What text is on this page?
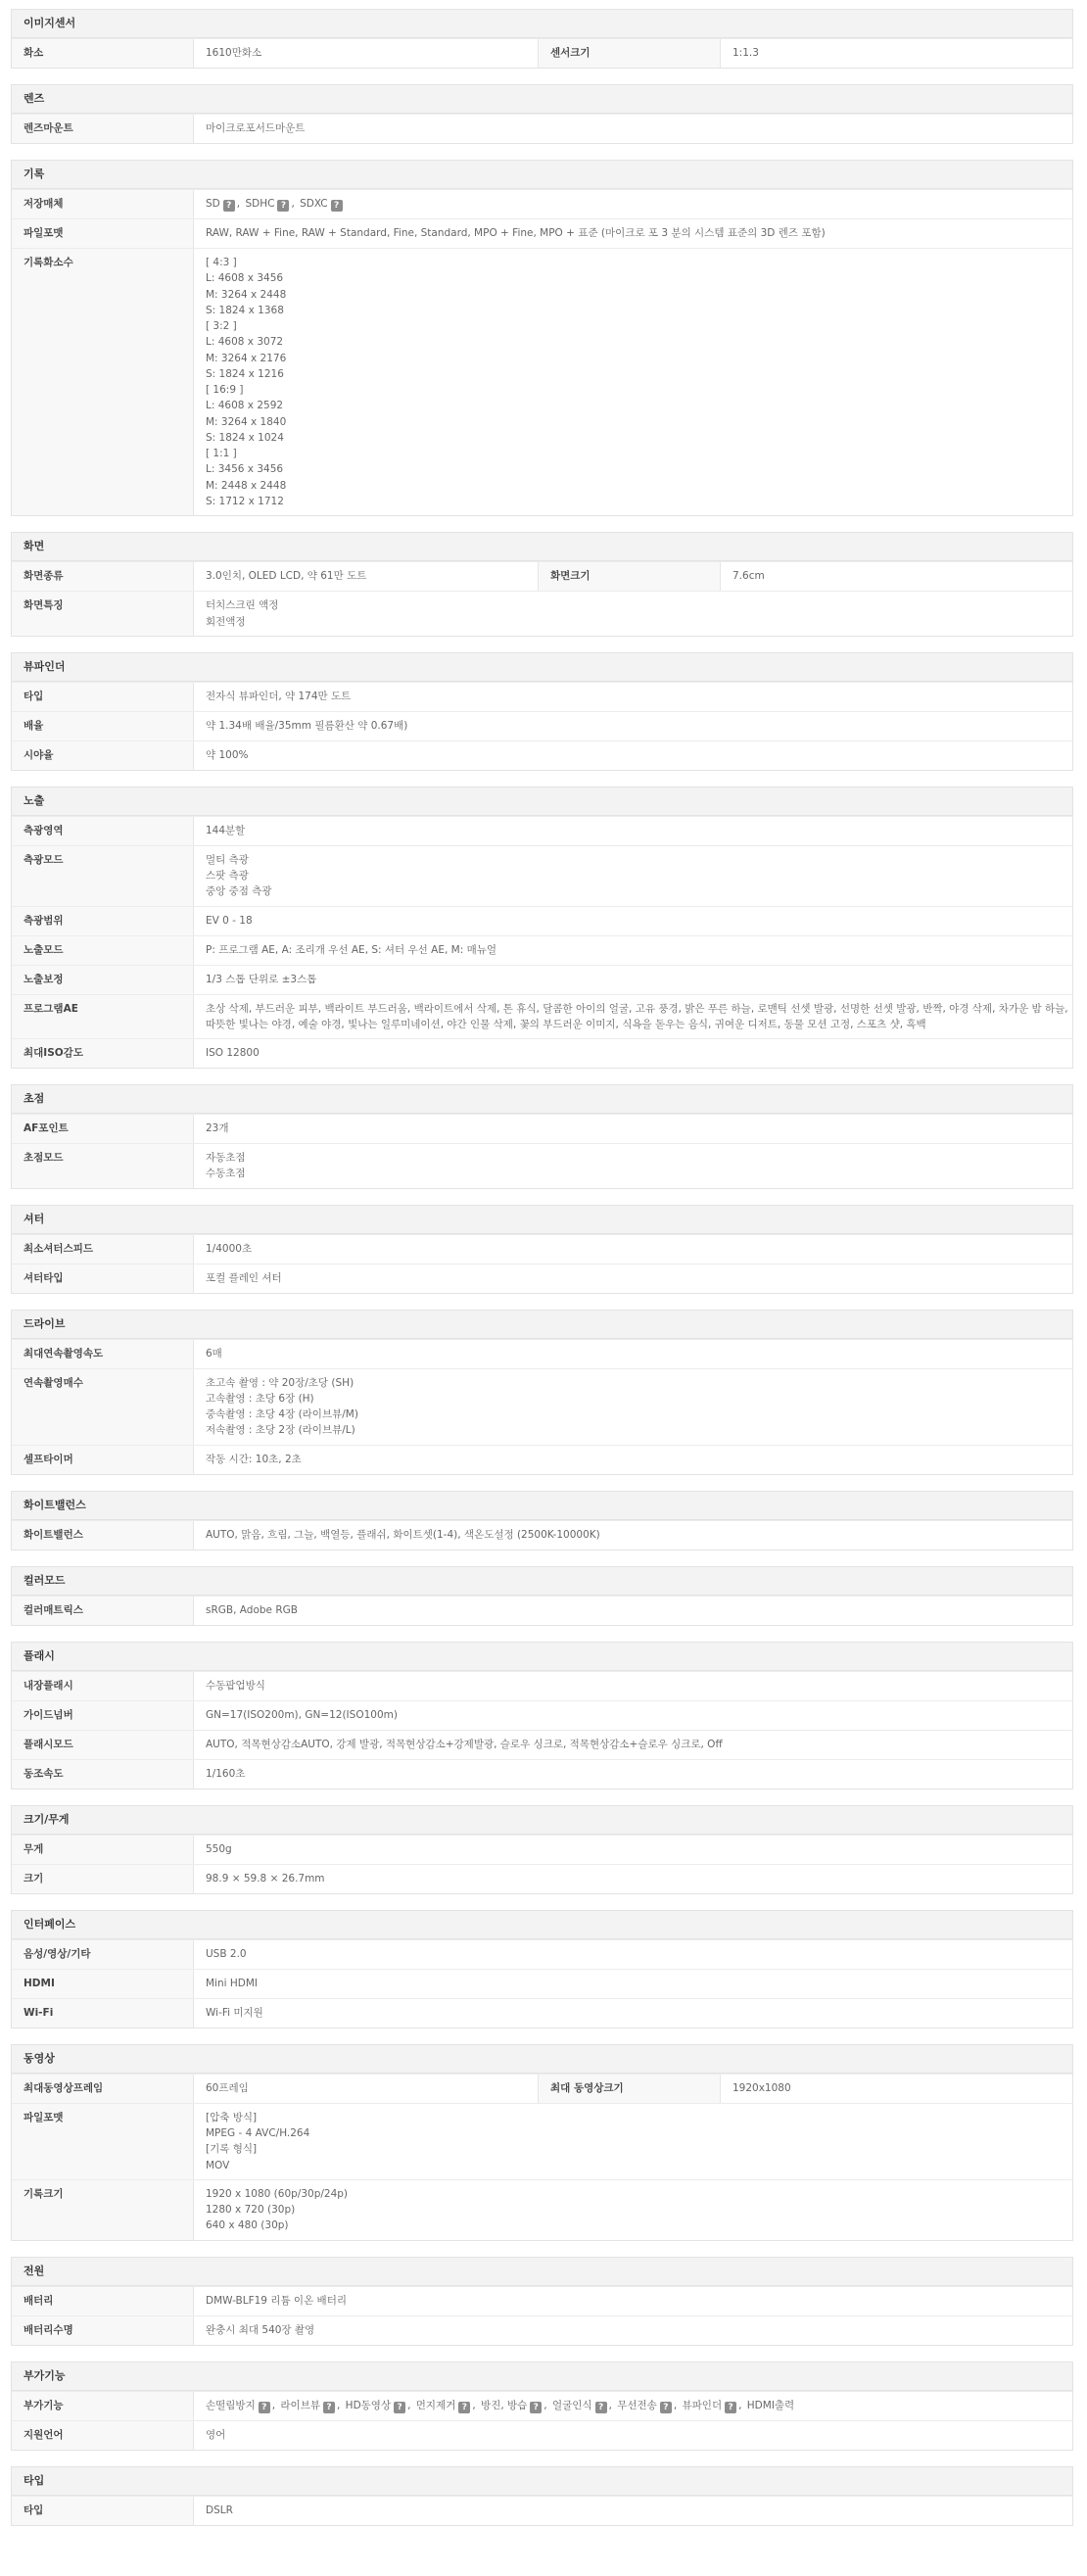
이미지센서
화소	1610만화소	센서크기	1:1.3
렌즈
렌즈마운트	마이크로포서드마운트
기록
저장매체	SD ? , SDHC ? , SDXC ?
파일포맷	RAW, RAW + Fine, RAW + Standard, Fine, Standard, MPO + Fine, MPO + 표준 (마이크로 포 3 분의 시스템 표준의 3D 렌즈 포함)
기록화소수	[ 4:3 ]
L: 4608 x 3456
M: 3264 x 2448
S: 1824 x 1368
[ 3:2 ]
L: 4608 x 3072
M: 3264 x 2176
S: 1824 x 1216
[ 16:9 ]
L: 4608 x 2592
M: 3264 x 1840
S: 1824 x 1024
[ 1:1 ]
L: 3456 x 3456
M: 2448 x 2448
S: 1712 x 1712
화면
화면종류	3.0인치, OLED LCD, 약 61만 도트	화면크기	7.6cm
화면특징	터치스크린 액정
회전액정
뷰파인더
타입	전자식 뷰파인더, 약 174만 도트
배율	약 1.34배 배율/35mm 필름환산 약 0.67배)
시야율	약 100%
노출
측광영역	144분할
측광모드	멀티 측광
스팟 측광
중앙 중점 측광
측광범위	EV 0 - 18
노출모드	P: 프로그램 AE, A: 조리개 우선 AE, S: 셔터 우선 AE, M: 매뉴얼
노출보정	1/3 스톱 단위로 ±3스톱
프로그램AE	초상 삭제, 부드러운 피부, 백라이트 부드러움, 백라이트에서 삭제, 톤 휴식, 달콤한 아이의 얼굴, 고유 풍경, 밝은 푸른 하늘, 로맨틱 선셋 발광, 선명한 선셋 발광, 반짝, 야경 삭제, 차가운 밤 하늘, 따뜻한 빛나는 야경, 예술 야경, 빛나는 일루미네이션, 야간 인물 삭제, 꽃의 부드러운 이미지, 식욕을 돋우는 음식, 귀여운 디저트, 동물 모션 고정, 스포츠 샷, 흑백
최대ISO감도	ISO 12800
초점
AF포인트	23개
초점모드	자동초점
수동초점
셔터
최소셔터스피드	1/4000초
셔터타입	포컬 플레인 셔터
드라이브
최대연속촬영속도	6매
연속촬영매수	초고속 촬영 : 약 20장/초당 (SH)
고속촬영 : 초당 6장 (H)
중속촬영 : 초당 4장 (라이브뷰/M)
저속촬영 : 초당 2장 (라이브뷰/L)
셀프타이머	작동 시간: 10초, 2초
화이트밸런스
화이트밸런스	AUTO, 맑음, 흐림, 그늘, 백열등, 플래쉬, 화이트셋(1-4), 색온도설정 (2500K-10000K)
컬러모드
컬러매트릭스	sRGB, Adobe RGB
플래시
내장플래시	수동팝업방식
가이드넘버	GN=17(ISO200m), GN=12(ISO100m)
플래시모드	AUTO, 적목현상감소AUTO, 강제 발광, 적목현상감소+강제발광, 슬로우 싱크로, 적목현상감소+슬로우 싱크로, Off
동조속도	1/160초
크기/무게
무게	550g
크기	98.9 × 59.8 × 26.7mm
인터페이스
음성/영상/기타	USB 2.0
HDMI	Mini HDMI
Wi-Fi	Wi-Fi 미지원
동영상
최대동영상프레임	60프레임	최대 동영상크기	1920x1080
파일포맷	[압축 방식]
MPEG - 4 AVC/H.264
[기록 형식]
MOV
기록크기	1920 x 1080 (60p/30p/24p)
1280 x 720 (30p)
640 x 480 (30p)
전원
배터리	DMW-BLF19 리튬 이온 배터리
배터리수명	완충시 최대 540장 촬영
부가기능
부가기능	손떨림방지 ? , 라이브뷰 ? , HD동영상 ? , 먼지제거 ? , 방진, 방습 ? , 얼굴인식 ? , 무선전송 ? , 뷰파인더 ? , HDMI출력
지원언어	영어
타입
타입	DSLR
